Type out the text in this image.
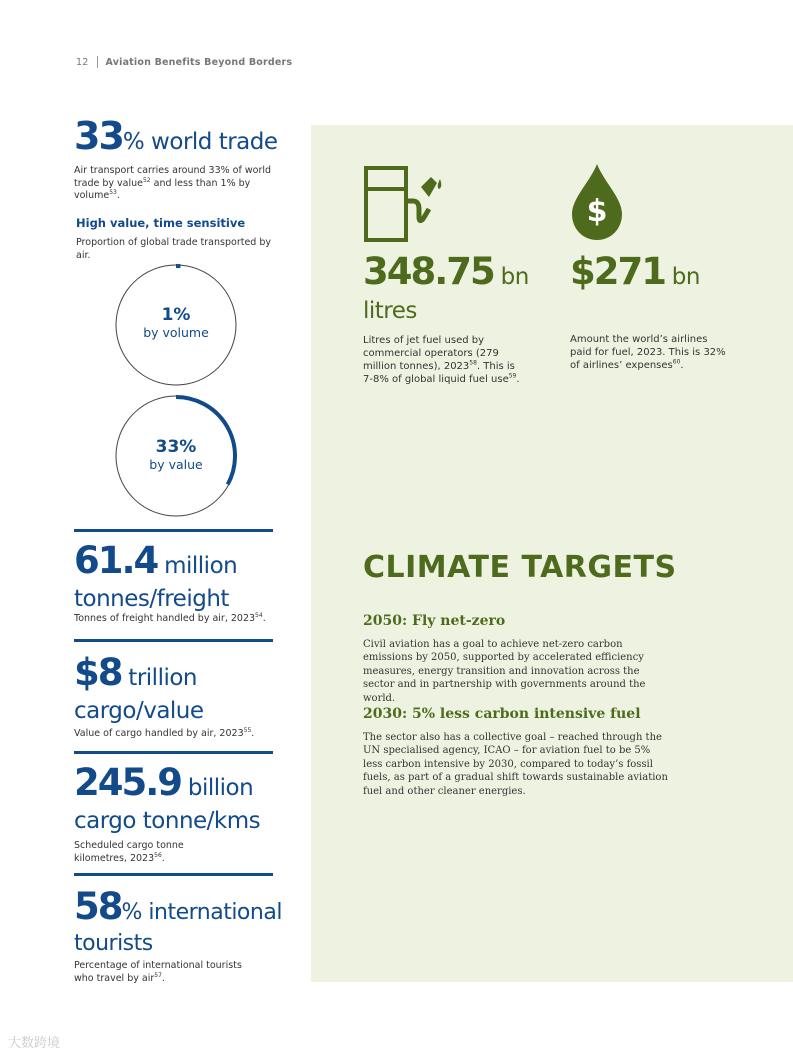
12 Aviation Benefits Beyond Borders
33% world trade
Air transport carries around 33% of world trade by value$^{52}$ and less than 1% by volume$^{53}$.
High value, time sensitive
Proportion of global trade transported by air.
1%
by volume
33%
by value
61.4 million
tonnes/freight
Tonnes of freight handled by air, 2023$^{54}$.
$8 trillion
cargo/value
Value of cargo handled by air, 2023$^{55}$.
245.9 billion
cargo tonne/kms
Scheduled cargo tonne
kilometres, 2023$^{56}$.
58% international
tourists
Percentage of international tourists
who travel by air$^{57}$.
$
348.75 bn
litres
Litres of jet fuel used by commercial operators (279 million tonnes), 2023$^{58}$. This is 7-8% of global liquid fuel use$^{59}$.
$271 bn
Amount the world’s airlines paid for fuel, 2023. This is 32% of airlines’ expenses$^{60}$.
CLIMATE TARGETS
2050: Fly net-zero
Civil aviation has a goal to achieve net-zero carbon emissions by 2050, supported by accelerated efficiency measures, energy transition and innovation across the sector and in partnership with governments around the world.
2030: 5% less carbon intensive fuel
The sector also has a collective goal – reached through the UN specialised agency, ICAO – for aviation fuel to be 5% less carbon intensive by 2030, compared to today’s fossil fuels, as part of a gradual shift towards sustainable aviation fuel and other cleaner energies.
大数跨境
